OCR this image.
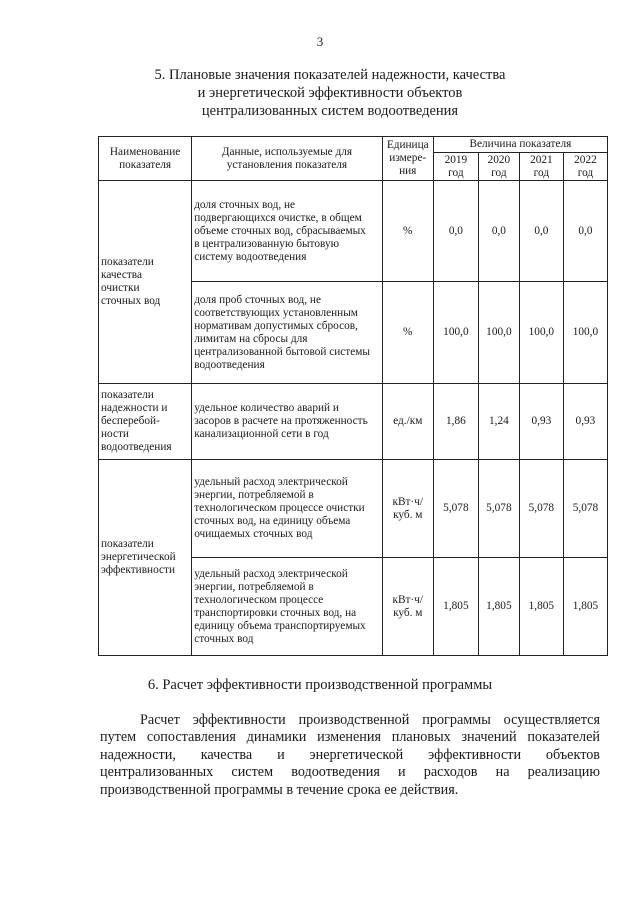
3
5. Плановые значения показателей надежности, качества
и энергетической эффективности объектов
централизованных систем водоотведения
Наименование показателя	Данные, используемые для установления показателя	Единица измере-ния	Величина показателя			

			2019 год	2020 год	2021 год	2022 год

показатели качества очистки сточных вод	доля сточных вод, не подвергающихся очистке, в общем объеме сточных вод, сбрасываемых в централизованную бытовую систему водоотведения	%	0,0	0,0	0,0	0,0

	доля проб сточных вод, не соответствующих установленным нормативам допустимых сбросов, лимитам на сбросы для централизованной бытовой системы водоотведения	%	100,0	100,0	100,0	100,0

показатели надежности и бесперебой-ности водоотведения	удельное количество аварий и засоров в расчете на протяженность канализационной сети в год	ед./км	1,86	1,24	0,93	0,93

показатели энергетической эффективности	удельный расход электрической энергии, потребляемой в технологическом процессе очистки сточных вод, на единицу объема очищаемых сточных вод	кВт·ч/ куб. м	5,078	5,078	5,078	5,078

	удельный расход электрической энергии, потребляемой в технологическом процессе транспортировки сточных вод, на единицу объема транспортируемых сточных вод	кВт·ч/ куб. м	1,805	1,805	1,805	1,805
6. Расчет эффективности производственной программы
Расчет эффективности производственной программы осуществляется
путем сопоставления динамики изменения плановых значений показателей
надежности, качества и энергетической эффективности объектов
централизованных систем водоотведения и расходов на реализацию
производственной программы в течение срока ее действия.
